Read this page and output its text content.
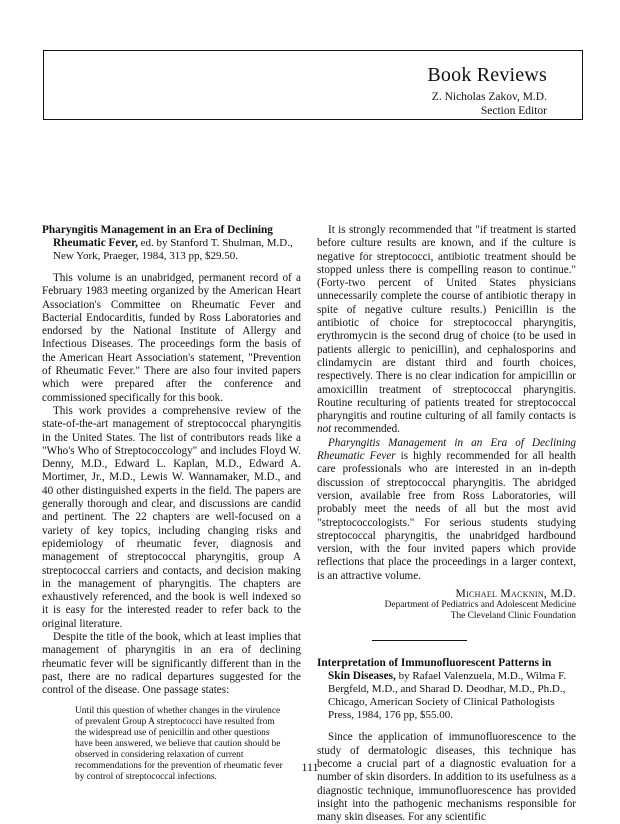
Book Reviews
Z. Nicholas Zakov, M.D.
Section Editor

Pharyngitis Management in an Era of Declining Rheumatic Fever, ed. by Stanford T. Shulman, M.D., New York, Praeger, 1984, 313 pp, $29.50.

This volume is an unabridged, permanent record of a February 1983 meeting organized by the American Heart Association's Committee on Rheumatic Fever and Bacterial Endocarditis, funded by Ross Laboratories and endorsed by the National Institute of Allergy and Infectious Diseases. The proceedings form the basis of the American Heart Association's statement, "Prevention of Rheumatic Fever." There are also four invited papers which were prepared after the conference and commissioned specifically for this book.

This work provides a comprehensive review of the state-of-the-art management of streptococcal pharyngitis in the United States. The list of contributors reads like a "Who's Who of Streptococcology" and includes Floyd W. Denny, M.D., Edward L. Kaplan, M.D., Edward A. Mortimer, Jr., M.D., Lewis W. Wannamaker, M.D., and 40 other distinguished experts in the field. The papers are generally thorough and clear, and discussions are candid and pertinent. The 22 chapters are well-focused on a variety of key topics, including changing risks and epidemiology of rheumatic fever, diagnosis and management of streptococcal pharyngitis, group A streptococcal carriers and contacts, and decision making in the management of pharyngitis. The chapters are exhaustively referenced, and the book is well indexed so it is easy for the interested reader to refer back to the original literature.

Despite the title of the book, which at least implies that management of pharyngitis in an era of declining rheumatic fever will be significantly different than in the past, there are no radical departures suggested for the control of the disease. One passage states:

Until this question of whether changes in the virulence of prevalent Group A streptococci have resulted from the widespread use of penicillin and other questions have been answered, we believe that caution should be observed in considering relaxation of current recommendations for the prevention of rheumatic fever by control of streptococcal infections.

It is strongly recommended that "if treatment is started before culture results are known, and if the culture is negative for streptococci, antibiotic treatment should be stopped unless there is compelling reason to continue." (Forty-two percent of United States physicians unnecessarily complete the course of antibiotic therapy in spite of negative culture results.) Penicillin is the antibiotic of choice for streptococcal pharyngitis, erythromycin is the second drug of choice (to be used in patients allergic to penicillin), and cephalosporins and clindamycin are distant third and fourth choices, respectively. There is no clear indication for ampicillin or amoxicillin treatment of streptococcal pharyngitis. Routine reculturing of patients treated for streptococcal pharyngitis and routine culturing of all family contacts is not recommended.

Pharyngitis Management in an Era of Declining Rheumatic Fever is highly recommended for all health care professionals who are interested in an in-depth discussion of streptococcal pharyngitis. The abridged version, available free from Ross Laboratories, will probably meet the needs of all but the most avid "streptococcologists." For serious students studying streptococcal pharyngitis, the unabridged hardbound version, with the four invited papers which provide reflections that place the proceedings in a larger context, is an attractive volume.

Michael Macknin, M.D.
Department of Pediatrics and Adolescent Medicine
The Cleveland Clinic Foundation

Interpretation of Immunofluorescent Patterns in Skin Diseases, by Rafael Valenzuela, M.D., Wilma F. Bergfeld, M.D., and Sharad D. Deodhar, M.D., Ph.D., Chicago, American Society of Clinical Pathologists Press, 1984, 176 pp, $55.00.

Since the application of immunofluorescence to the study of dermatologic diseases, this technique has become a crucial part of a diagnostic evaluation for a number of skin disorders. In addition to its usefulness as a diagnostic technique, immunofluorescence has provided insight into the pathogenic mechanisms responsible for many skin diseases. For any scientific

111
